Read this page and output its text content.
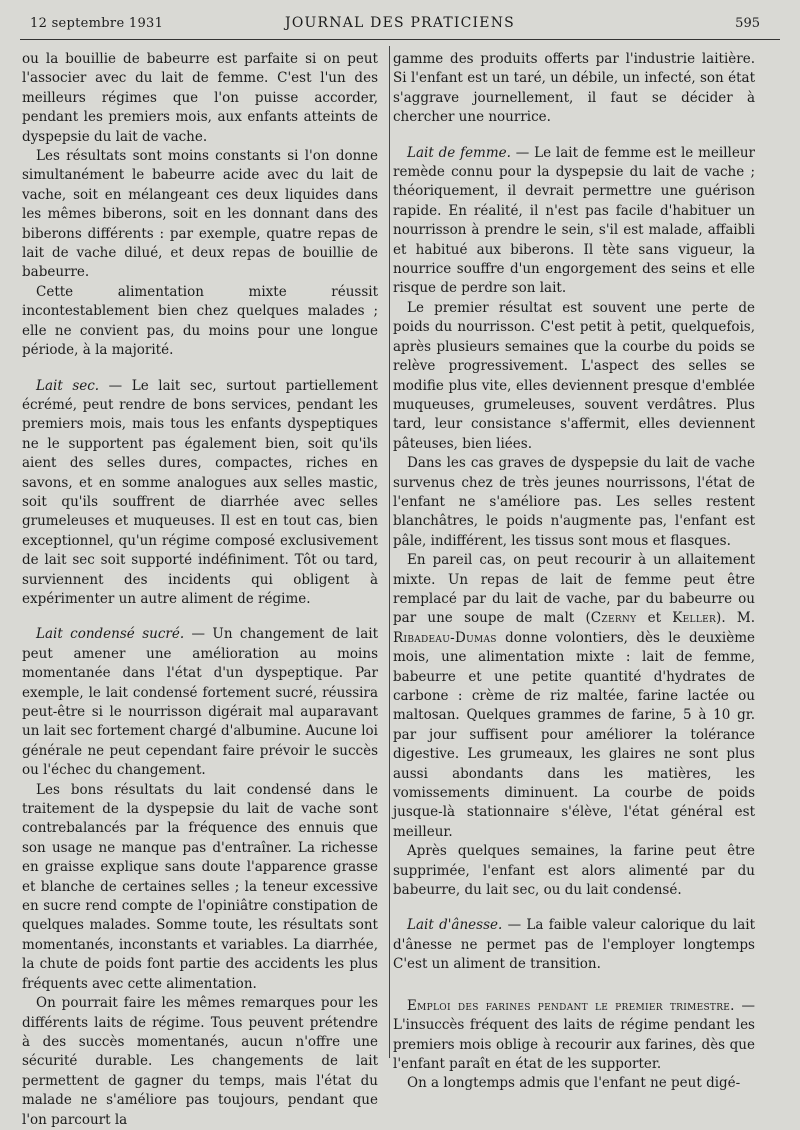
12 septembre 1931	JOURNAL DES PRATICIENS	595

ou la bouillie de babeurre est parfaite si on peut l'associer avec du lait de femme. C'est l'un des meilleurs régimes que l'on puisse accorder, pendant les premiers mois, aux enfants atteints de dyspepsie du lait de vache.

Les résultats sont moins constants si l'on donne simultanément le babeurre acide avec du lait de vache, soit en mélangeant ces deux liquides dans les mêmes biberons, soit en les donnant dans des biberons différents : par exemple, quatre repas de lait de vache dilué, et deux repas de bouillie de babeurre.

Cette alimentation mixte réussit incontestablement bien chez quelques malades ; elle ne convient pas, du moins pour une longue période, à la majorité.

Lait sec. — Le lait sec, surtout partiellement écrémé, peut rendre de bons services, pendant les premiers mois, mais tous les enfants dyspeptiques ne le supportent pas également bien, soit qu'ils aient des selles dures, compactes, riches en savons, et en somme analogues aux selles mastic, soit qu'ils souffrent de diarrhée avec selles grumeleuses et muqueuses. Il est en tout cas, bien exceptionnel, qu'un régime composé exclusivement de lait sec soit supporté indéfiniment. Tôt ou tard, surviennent des incidents qui obligent à expérimenter un autre aliment de régime.

Lait condensé sucré. — Un changement de lait peut amener une amélioration au moins momentanée dans l'état d'un dyspeptique. Par exemple, le lait condensé fortement sucré, réussira peut-être si le nourrisson digérait mal auparavant un lait sec fortement chargé d'albumine. Aucune loi générale ne peut cependant faire prévoir le succès ou l'échec du changement.

Les bons résultats du lait condensé dans le traitement de la dyspepsie du lait de vache sont contrebalancés par la fréquence des ennuis que son usage ne manque pas d'entraîner. La richesse en graisse explique sans doute l'apparence grasse et blanche de certaines selles ; la teneur excessive en sucre rend compte de l'opiniâtre constipation de quelques malades. Somme toute, les résultats sont momentanés, inconstants et variables. La diarrhée, la chute de poids font partie des accidents les plus fréquents avec cette alimentation.

On pourrait faire les mêmes remarques pour les différents laits de régime. Tous peuvent prétendre à des succès momentanés, aucun n'offre une sécurité durable. Les changements de lait permettent de gagner du temps, mais l'état du malade ne s'améliore pas toujours, pendant que l'on parcourt la

gamme des produits offerts par l'industrie laitière. Si l'enfant est un taré, un débile, un infecté, son état s'aggrave journellement, il faut se décider à chercher une nourrice.

Lait de femme. — Le lait de femme est le meilleur remède connu pour la dyspepsie du lait de vache ; théoriquement, il devrait permettre une guérison rapide. En réalité, il n'est pas facile d'habituer un nourrisson à prendre le sein, s'il est malade, affaibli et habitué aux biberons. Il tète sans vigueur, la nourrice souffre d'un engorgement des seins et elle risque de perdre son lait.

Le premier résultat est souvent une perte de poids du nourrisson. C'est petit à petit, quelquefois, après plusieurs semaines que la courbe du poids se relève progressivement. L'aspect des selles se modifie plus vite, elles deviennent presque d'emblée muqueuses, grumeleuses, souvent verdâtres. Plus tard, leur consistance s'affermit, elles deviennent pâteuses, bien liées.

Dans les cas graves de dyspepsie du lait de vache survenus chez de très jeunes nourrissons, l'état de l'enfant ne s'améliore pas. Les selles restent blanchâtres, le poids n'augmente pas, l'enfant est pâle, indifférent, les tissus sont mous et flasques.

En pareil cas, on peut recourir à un allaitement mixte. Un repas de lait de femme peut être remplacé par du lait de vache, par du babeurre ou par une soupe de malt (Czerny et Keller). M. Ribadeau-Dumas donne volontiers, dès le deuxième mois, une alimentation mixte : lait de femme, babeurre et une petite quantité d'hydrates de carbone : crème de riz maltée, farine lactée ou maltosan. Quelques grammes de farine, 5 à 10 gr. par jour suffisent pour améliorer la tolérance digestive. Les grumeaux, les glaires ne sont plus aussi abondants dans les matières, les vomissements diminuent. La courbe de poids jusque-là stationnaire s'élève, l'état général est meilleur.

Après quelques semaines, la farine peut être supprimée, l'enfant est alors alimenté par du babeurre, du lait sec, ou du lait condensé.

Lait d'ânesse. — La faible valeur calorique du lait d'ânesse ne permet pas de l'employer longtemps C'est un aliment de transition.

Emploi des farines pendant le premier trimestre. — L'insuccès fréquent des laits de régime pendant les premiers mois oblige à recourir aux farines, dès que l'enfant paraît en état de les supporter.

On a longtemps admis que l'enfant ne peut digé-
